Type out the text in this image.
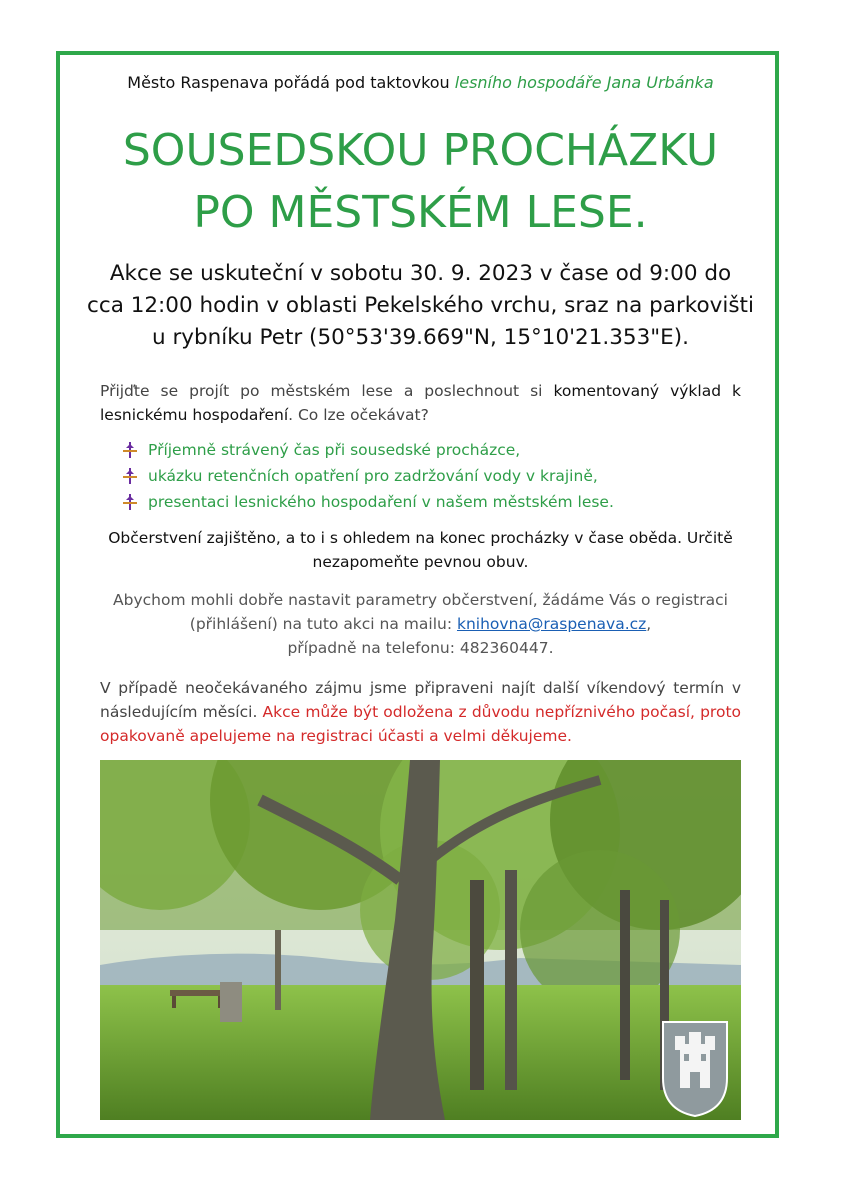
Město Raspenava pořádá pod taktovkou lesního hospodáře Jana Urbánka
SOUSEDSKOU PROCHÁZKU
PO MĚSTSKÉM LESE.
Akce se uskuteční v sobotu 30. 9. 2023 v čase od 9:00 do
cca 12:00 hodin v oblasti Pekelského vrchu, sraz na parkovišti
u rybníku Petr (50°53'39.669"N, 15°10'21.353"E).
Přijďte se projít po městském lese a poslechnout si komentovaný výklad k lesnickému hospodaření. Co lze očekávat?
Příjemně strávený čas při sousedské procházce,
ukázku retenčních opatření pro zadržování vody v krajině,
presentaci lesnického hospodaření v našem městském lese.
Občerstvení zajištěno, a to i s ohledem na konec procházky v čase oběda. Určitě
nezapomeňte pevnou obuv.
Abychom mohli dobře nastavit parametry občerstvení, žádáme Vás o registraci
(přihlášení) na tuto akci na mailu: knihovna@raspenava.cz,
případně na telefonu: 482360447.
V případě neočekávaného zájmu jsme připraveni najít další víkendový termín v následujícím měsíci. Akce může být odložena z důvodu nepříznivého počasí, proto opakovaně apelujeme na registraci účasti a velmi děkujeme.
